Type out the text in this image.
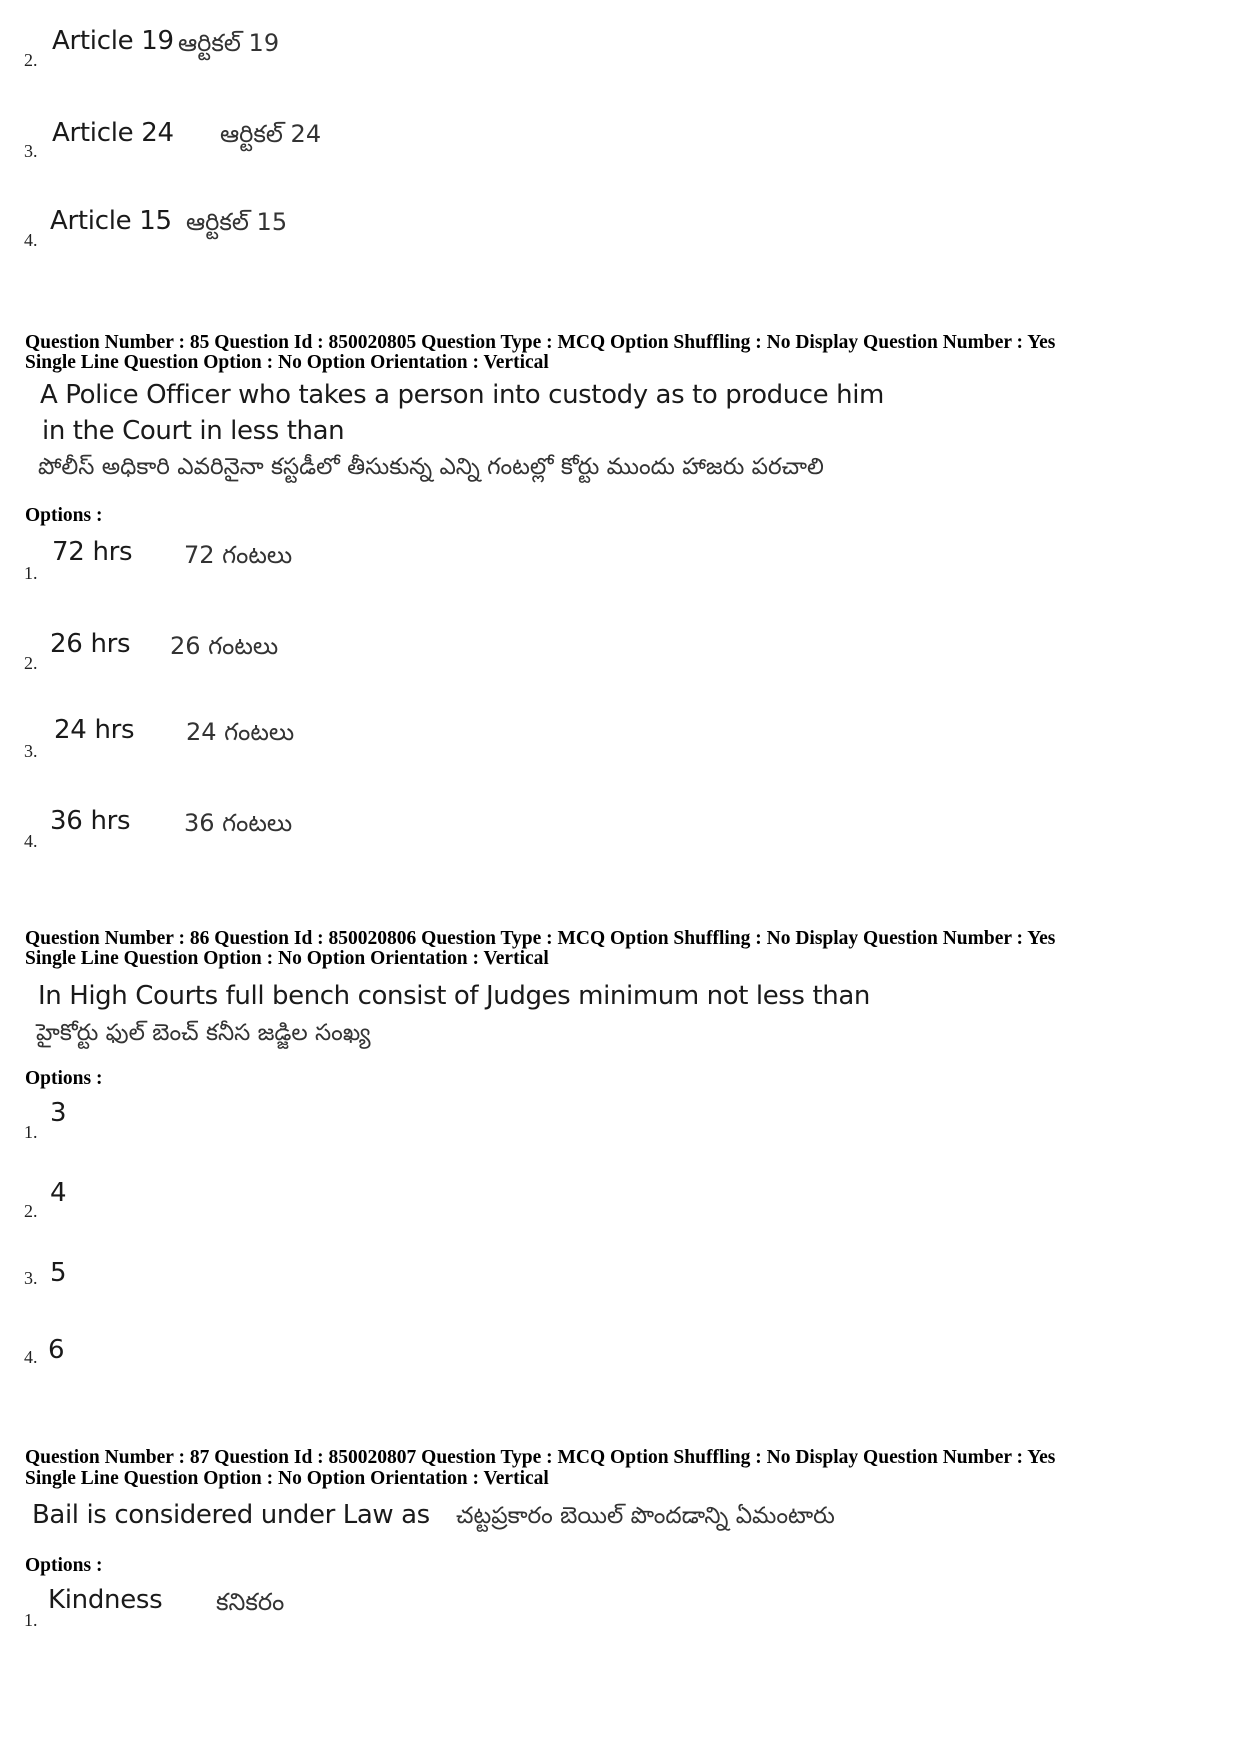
2.
Article 19 ఆర్టికల్ 19
3.
Article 24 ఆర్టికల్ 24
4.
Article 15 ఆర్టికల్ 15
Question Number : 85 Question Id : 850020805 Question Type : MCQ Option Shuffling : No Display Question Number : Yes
Single Line Question Option : No Option Orientation : Vertical
A Police Officer who takes a person into custody as to produce him
in the Court in less than
పోలీస్ అధికారి ఎవరినైనా కస్టడీలో తీసుకున్న ఎన్ని గంటల్లో కోర్టు ముందు హాజరు పరచాలి
Options :
1.
72 hrs 72 గంటలు
2.
26 hrs 26 గంటలు
3.
24 hrs 24 గంటలు
4.
36 hrs 36 గంటలు
Question Number : 86 Question Id : 850020806 Question Type : MCQ Option Shuffling : No Display Question Number : Yes
Single Line Question Option : No Option Orientation : Vertical
In High Courts full bench consist of Judges minimum not less than
హైకోర్టు ఫుల్ బెంచ్ కనీస జడ్జిల సంఖ్య
Options :
1.
3
2.
4
3. 5
4. 6
Question Number : 87 Question Id : 850020807 Question Type : MCQ Option Shuffling : No Display Question Number : Yes
Single Line Question Option : No Option Orientation : Vertical
Bail is considered under Law as చట్టప్రకారం బెయిల్ పొందడాన్ని ఏమంటారు
Options :
1.
Kindness కనికరం
